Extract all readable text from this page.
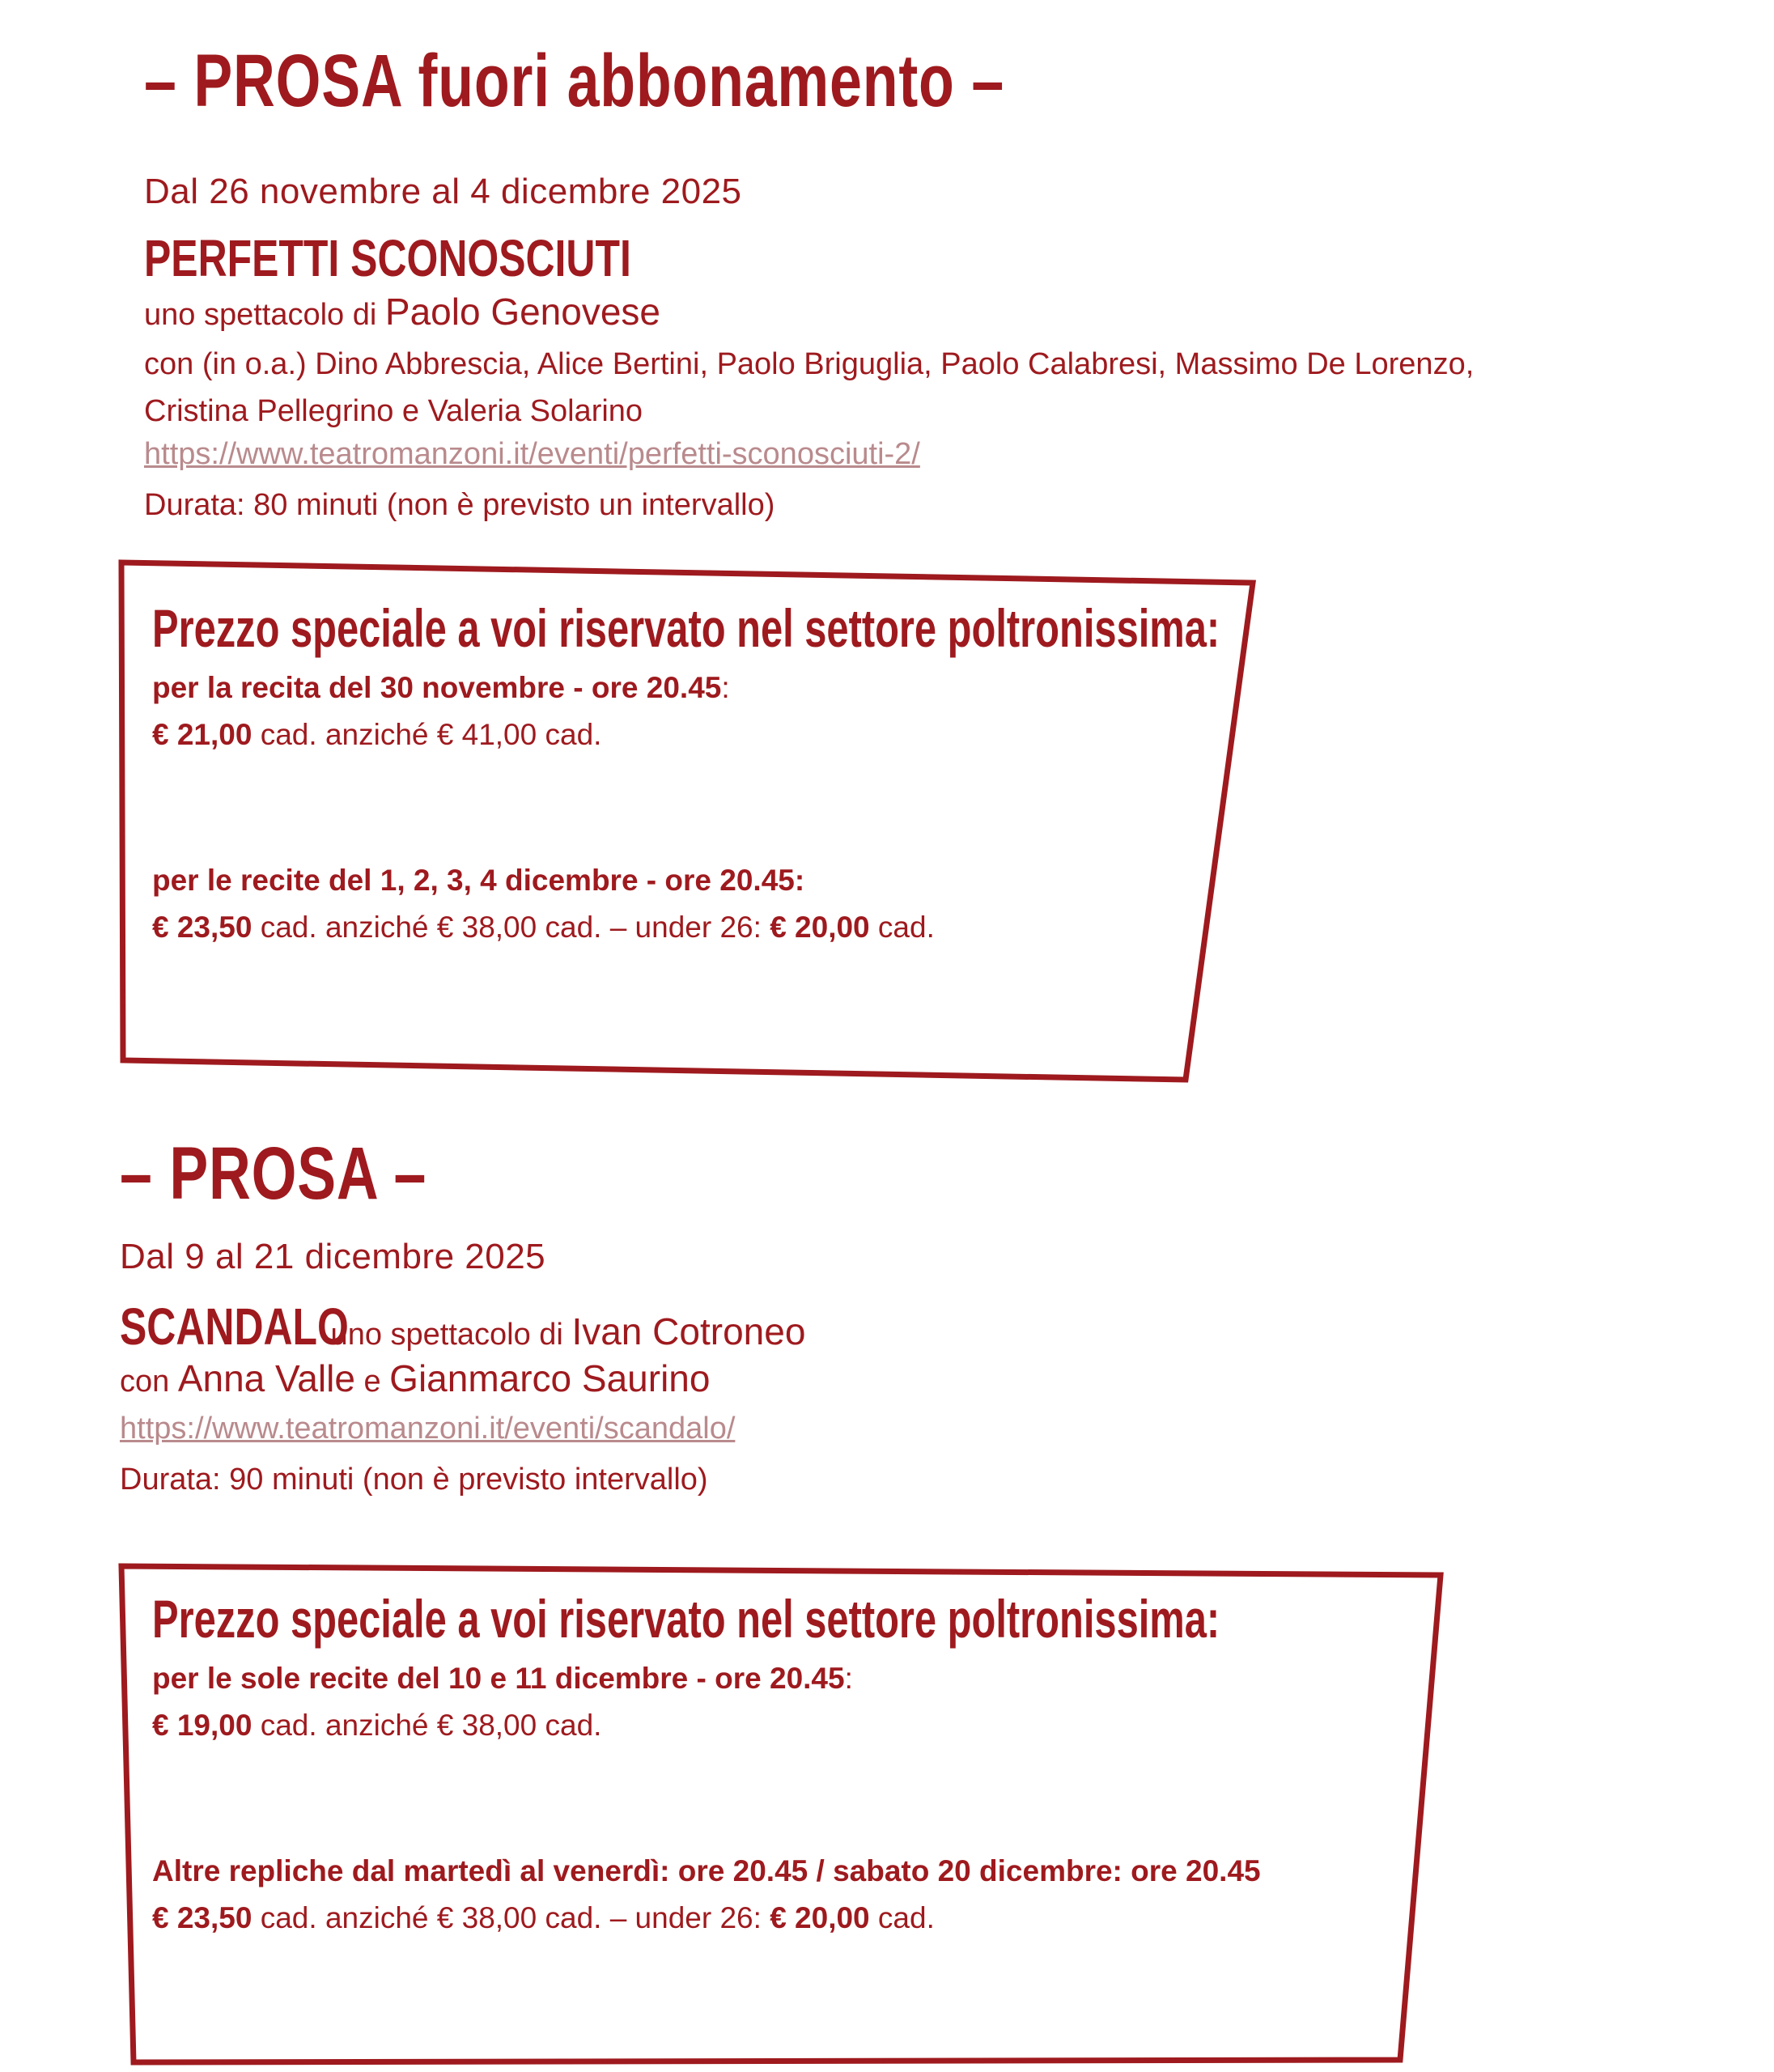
– PROSA fuori abbonamento –
Dal 26 novembre al 4 dicembre 2025
PERFETTI SCONOSCIUTI
uno spettacolo di Paolo Genovese
con (in o.a.) Dino Abbrescia, Alice Bertini, Paolo Briguglia, Paolo Calabresi, Massimo De Lorenzo,
Cristina Pellegrino e Valeria Solarino
https://www.teatromanzoni.it/eventi/perfetti-sconosciuti-2/
Durata: 80 minuti (non è previsto un intervallo)
Prezzo speciale a voi riservato nel settore poltronissima:
per la recita del 30 novembre - ore 20.45:
€ 21,00 cad. anziché € 41,00 cad.
per le recite del 1, 2, 3, 4 dicembre - ore 20.45:
€ 23,50 cad. anziché € 38,00 cad. – under 26: € 20,00 cad.
– PROSA –
Dal 9 al 21 dicembre 2025
SCANDALO uno spettacolo di Ivan Cotroneo
con Anna Valle e Gianmarco Saurino
https://www.teatromanzoni.it/eventi/scandalo/
Durata: 90 minuti (non è previsto intervallo)
Prezzo speciale a voi riservato nel settore poltronissima:
per le sole recite del 10 e 11 dicembre - ore 20.45:
€ 19,00 cad. anziché € 38,00 cad.
Altre repliche dal martedì al venerdì: ore 20.45 / sabato 20 dicembre: ore 20.45
€ 23,50 cad. anziché € 38,00 cad. – under 26: € 20,00 cad.
